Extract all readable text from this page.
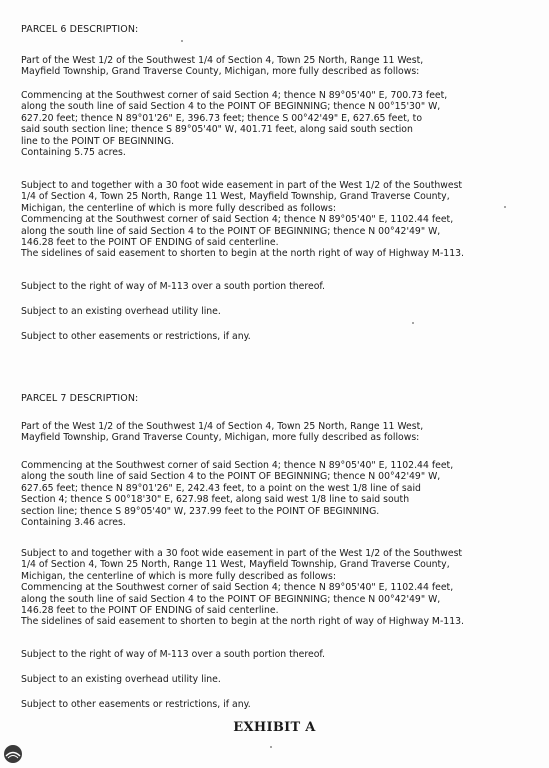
PARCEL 6 DESCRIPTION:
Part of the West 1/2 of the Southwest 1/4 of Section 4, Town 25 North, Range 11 West,
Mayfield Township, Grand Traverse County, Michigan, more fully described as follows:
Commencing at the Southwest corner of said Section 4; thence N 89°05'40" E, 700.73 feet,
along the south line of said Section 4 to the POINT OF BEGINNING; thence N 00°15'30" W,
627.20 feet; thence N 89°01'26" E, 396.73 feet; thence S 00°42'49" E, 627.65 feet, to
said south section line; thence S 89°05'40" W, 401.71 feet, along said south section
line to the POINT OF BEGINNING.
Containing 5.75 acres.
Subject to and together with a 30 foot wide easement in part of the West 1/2 of the Southwest
1/4 of Section 4, Town 25 North, Range 11 West, Mayfield Township, Grand Traverse County,
Michigan, the centerline of which is more fully described as follows:
Commencing at the Southwest corner of said Section 4; thence N 89°05'40" E, 1102.44 feet,
along the south line of said Section 4 to the POINT OF BEGINNING; thence N 00°42'49" W,
146.28 feet to the POINT OF ENDING of said centerline.
The sidelines of said easement to shorten to begin at the north right of way of Highway M-113.
Subject to the right of way of M-113 over a south portion thereof.
Subject to an existing overhead utility line.
Subject to other easements or restrictions, if any.
PARCEL 7 DESCRIPTION:
Part of the West 1/2 of the Southwest 1/4 of Section 4, Town 25 North, Range 11 West,
Mayfield Township, Grand Traverse County, Michigan, more fully described as follows:
Commencing at the Southwest corner of said Section 4; thence N 89°05'40" E, 1102.44 feet,
along the south line of said Section 4 to the POINT OF BEGINNING; thence N 00°42'49" W,
627.65 feet; thence N 89°01'26" E, 242.43 feet, to a point on the west 1/8 line of said
Section 4; thence S 00°18'30" E, 627.98 feet, along said west 1/8 line to said south
section line; thence S 89°05'40" W, 237.99 feet to the POINT OF BEGINNING.
Containing 3.46 acres.
Subject to and together with a 30 foot wide easement in part of the West 1/2 of the Southwest
1/4 of Section 4, Town 25 North, Range 11 West, Mayfield Township, Grand Traverse County,
Michigan, the centerline of which is more fully described as follows:
Commencing at the Southwest corner of said Section 4; thence N 89°05'40" E, 1102.44 feet,
along the south line of said Section 4 to the POINT OF BEGINNING; thence N 00°42'49" W,
146.28 feet to the POINT OF ENDING of said centerline.
The sidelines of said easement to shorten to begin at the north right of way of Highway M-113.
Subject to the right of way of M-113 over a south portion thereof.
Subject to an existing overhead utility line.
Subject to other easements or restrictions, if any.
EXHIBIT A
